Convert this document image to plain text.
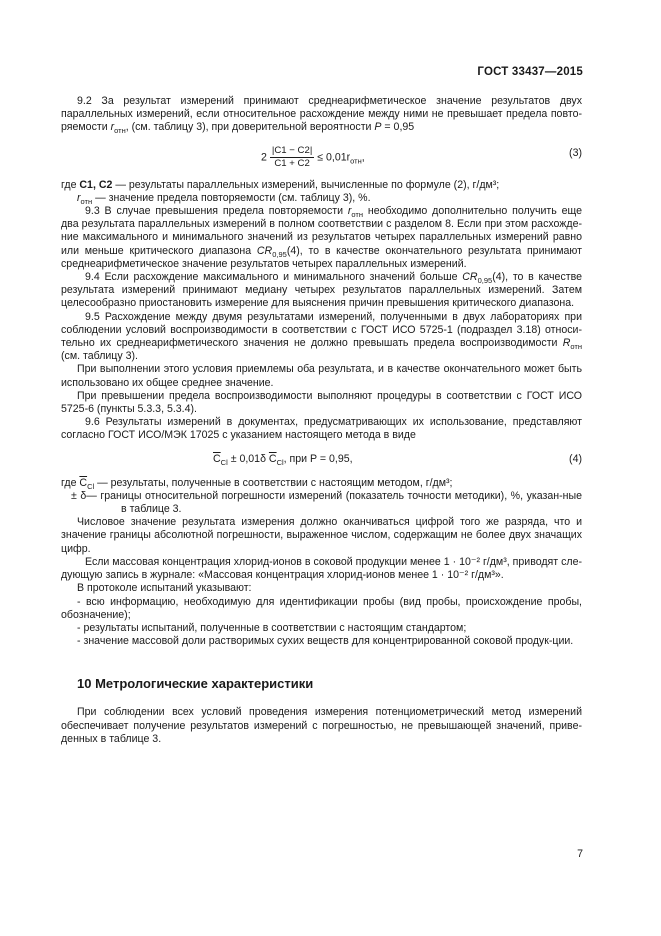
ГОСТ 33437—2015

9.2 За результат измерений принимают среднеарифметическое значение результатов двух параллельных измерений, если относительное расхождение между ними не превышает предела повто-ряемости $r_{отн}$, (см. таблицу 3), при доверительной вероятности P = 0,95

$2 \frac{|C1 - C2|}{C1 + C2} \le 0,01r_{отн}$,	(3)

где C1, C2 — результаты параллельных измерений, вычисленные по формуле (2), г/дм³;

$r_{отн}$ — значение предела повторяемости (см. таблицу 3), %.

9.3 В случае превышения предела повторяемости $r_{отн}$ необходимо дополнительно получить еще два результата параллельных измерений в полном соответствии с разделом 8. Если при этом расхожде-ние максимального и минимального значений из результатов четырех параллельных измерений равно или меньше критического диапазона $CR_{0,95}(4)$, то в качестве окончательного результата принимают среднеарифметическое значение результатов четырех параллельных измерений.

9.4 Если расхождение максимального и минимального значений больше $CR_{0,95}(4)$, то в качестве результата измерений принимают медиану четырех результатов параллельных измерений. Затем целесообразно приостановить измерение для выяснения причин превышения критического диапазона.

9.5 Расхождение между двумя результатами измерений, полученными в двух лабораториях при соблюдении условий воспроизводимости в соответствии с ГОСТ ИСО 5725-1 (подраздел 3.18) относи-тельно их среднеарифметического значения не должно превышать предела воспроизводимости $R_{отн}$ (см. таблицу 3).

При выполнении этого условия приемлемы оба результата, и в качестве окончательного может быть использовано их общее среднее значение.

При превышении предела воспроизводимости выполняют процедуры в соответствии с ГОСТ ИСО 5725-6 (пункты 5.3.3, 5.3.4).

9.6 Результаты измерений в документах, предусматривающих их использование, представляют согласно ГОСТ ИСО/МЭК 17025 с указанием настоящего метода в виде

$\overline{C}_{Cl} \pm 0,01\delta$ $\overline{C}_{Cl}$, при P = 0,95,	(4)

где $\overline{C}_{Cl}$ — результаты, полученные в соответствии с настоящим методом, г/дм³;

± δ— границы относительной погрешности измерений (показатель точности методики), %, указан-ные в таблице 3.

Числовое значение результата измерения должно оканчиваться цифрой того же разряда, что и значение границы абсолютной погрешности, выраженное числом, содержащим не более двух значащих цифр.

Если массовая концентрация хлорид-ионов в соковой продукции менее 1 · 10⁻² г/дм³, приводят сле-дующую запись в журнале: «Массовая концентрация хлорид-ионов менее 1 · 10⁻² г/дм³».

В протоколе испытаний указывают:

- всю информацию, необходимую для идентификации пробы (вид пробы, происхождение пробы, обозначение);

- результаты испытаний, полученные в соответствии с настоящим стандартом;

- значение массовой доли растворимых сухих веществ для концентрированной соковой продук-ции.

10 Метрологические характеристики

При соблюдении всех условий проведения измерения потенциометрический метод измерений обеспечивает получение результатов измерений с погрешностью, не превышающей значений, приве-денных в таблице 3.

7
